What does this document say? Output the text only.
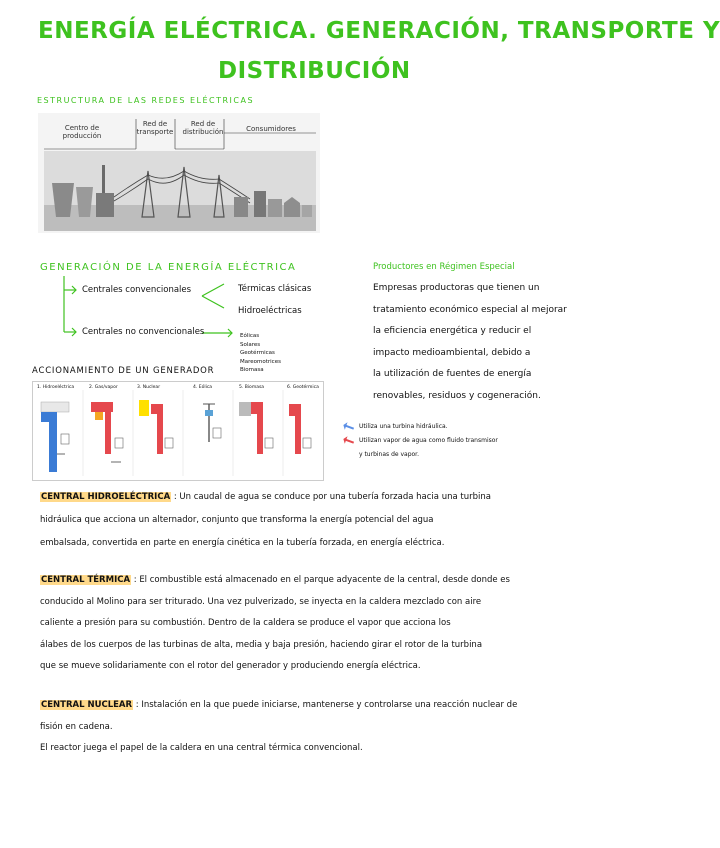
ENERGÍA ELÉCTRICA. GENERACIÓN, TRANSPORTE Y
DISTRIBUCIÓN
ESTRUCTURA DE LAS REDES ELÉCTRICAS
Centro de producción
Red de transporte
Red de distribución	Consumidores
GENERACIÓN DE LA ENERGÍA ELÉCTRICA
Centrales convencionales	Térmicas clásicas
Hidroeléctricas
Centrales no convencionales	Eólicas
Solares
Geotérmicas
Mareomotrices
Biomasa
Productores en Régimen Especial
Empresas productoras que tienen un
tratamiento económico especial al mejorar
la eficiencia energética y reducir el
impacto medioambiental, debido a
la utilización de fuentes de energía
renovables, residuos y cogeneración.
ACCIONAMIENTO DE UN GENERADOR
1. Hidroeléctrica	2. Gas/vapor	3. Nuclear	4. Eólica	5. Biomasa	6. Geotérmica
Utiliza una turbina hidráulica.
Utilizan vapor de agua como fluido transmisor
y turbinas de vapor.
CENTRAL HIDROELÉCTRICA : Un caudal de agua se conduce por una tubería forzada hacia una turbina
hidráulica que acciona un alternador, conjunto que transforma la energía potencial del agua
embalsada, convertida en parte en energía cinética en la tubería forzada, en energía eléctrica.
CENTRAL TÉRMICA : El combustible está almacenado en el parque adyacente de la central, desde donde es
conducido al Molino para ser triturado. Una vez pulverizado, se inyecta en la caldera mezclado con aire
caliente a presión para su combustión. Dentro de la caldera se produce el vapor que acciona los
álabes de los cuerpos de las turbinas de alta, media y baja presión, haciendo girar el rotor de la turbina
que se mueve solidariamente con el rotor del generador y produciendo energía eléctrica.
CENTRAL NUCLEAR : Instalación en la que puede iniciarse, mantenerse y controlarse una reacción nuclear de
fisión en cadena.
El reactor juega el papel de la caldera en una central térmica convencional.
